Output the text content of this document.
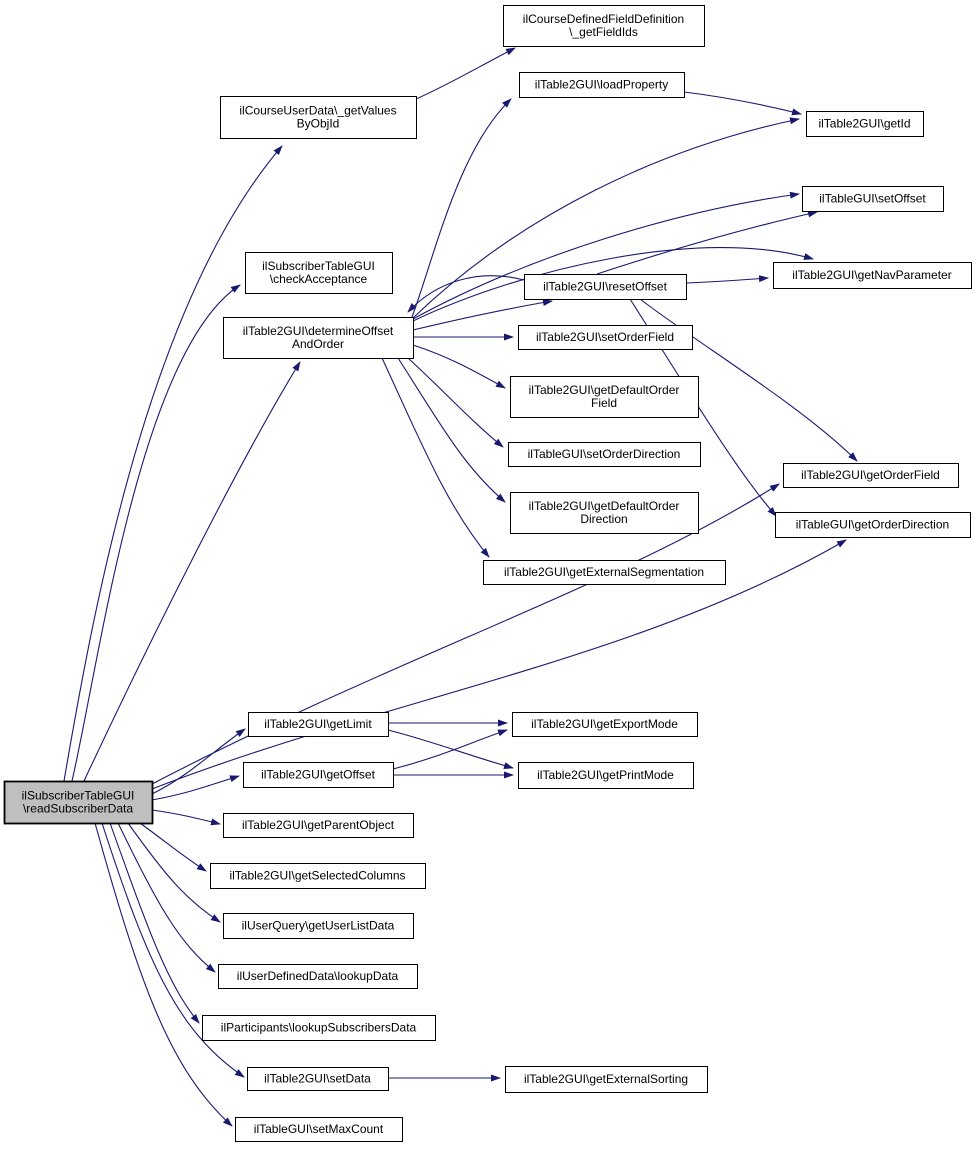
ilCourseDefinedFieldDefinition
\_getFieldIds
ilCourseUserData\_getValues
ByObjId
ilTable2GUI\loadProperty
ilTable2GUI\getId
ilTableGUI\setOffset
ilTable2GUI\getNavParameter
ilSubscriberTableGUI
\checkAcceptance
ilTable2GUI\resetOffset
ilTable2GUI\determineOffset
AndOrder	ilTable2GUI\setOrderField
ilTable2GUI\getDefaultOrder
Field
ilTableGUI\setOrderDirection
ilTable2GUI\getDefaultOrder
Direction
ilTable2GUI\getExternalSegmentation
ilTable2GUI\getOrderField
ilTableGUI\getOrderDirection
ilSubscriberTableGUI
\readSubscriberData
ilTable2GUI\getLimit	ilTable2GUI\getExportMode
ilTable2GUI\getOffset	ilTable2GUI\getPrintMode
ilTable2GUI\getParentObject
ilTable2GUI\getSelectedColumns
ilUserQuery\getUserListData
ilUserDefinedData\lookupData
ilParticipants\lookupSubscribersData
ilTable2GUI\setData	ilTable2GUI\getExternalSorting
ilTableGUI\setMaxCount
